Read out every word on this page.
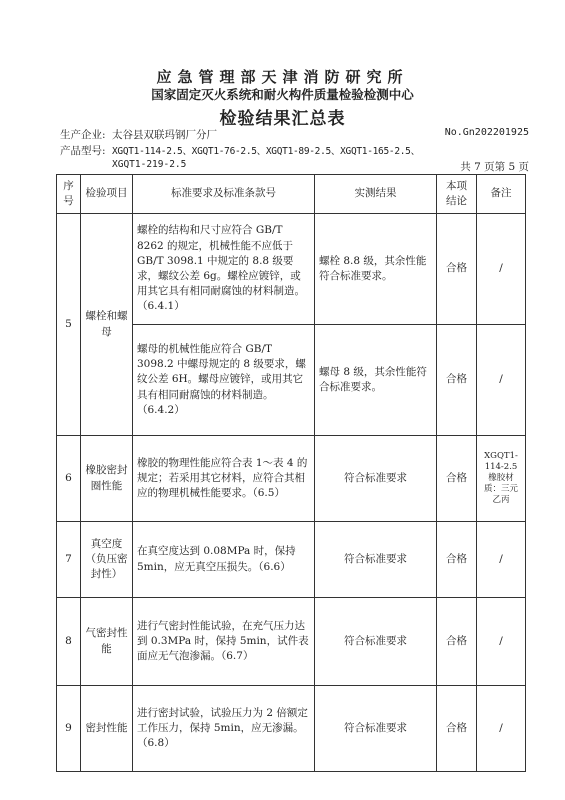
应急管理部天津消防研究所
国家固定灭火系统和耐火构件质量检验检测中心
检验结果汇总表
生产企业: 太谷县双联玛钢厂分厂	No.Gn202201925
产品型号: XGQT1-114-2.5、XGQT1-76-2.5、XGQT1-89-2.5、XGQT1-165-2.5、
XGQT1-219-2.5	共 7 页第 5 页
序号	检验项目	标准要求及标准条款号	实测结果	本项结论	备注
5	螺栓和螺母	螺栓的结构和尺寸应符合 GB/T 8262 的规定，机械性能不应低于 GB/T 3098.1 中规定的 8.8 级要求，螺纹公差 6g。螺栓应镀锌，或用其它具有相同耐腐蚀的材料制造。（6.4.1）	螺栓 8.8 级，其余性能符合标准要求。	合格	/
		螺母的机械性能应符合 GB/T 3098.2 中螺母规定的 8 级要求，螺纹公差 6H。螺母应镀锌，或用其它具有相同耐腐蚀的材料制造。（6.4.2）	螺母 8 级，其余性能符合标准要求。	合格	/
6	橡胶密封圈性能	橡胶的物理性能应符合表 1～表 4 的规定；若采用其它材料，应符合其相应的物理机械性能要求。（6.5）	符合标准要求	合格	XGQT1-114-2.5 橡胶材质：三元乙丙
7	真空度（负压密封性）	在真空度达到 0.08MPa 时，保持 5min，应无真空压损失。（6.6）	符合标准要求	合格	/
8	气密封性能	进行气密封性能试验，在充气压力达到 0.3MPa 时，保持 5min，试件表面应无气泡渗漏。（6.7）	符合标准要求	合格	/
9	密封性能	进行密封试验，试验压力为 2 倍额定工作压力，保持 5min，应无渗漏。（6.8）	符合标准要求	合格	/
